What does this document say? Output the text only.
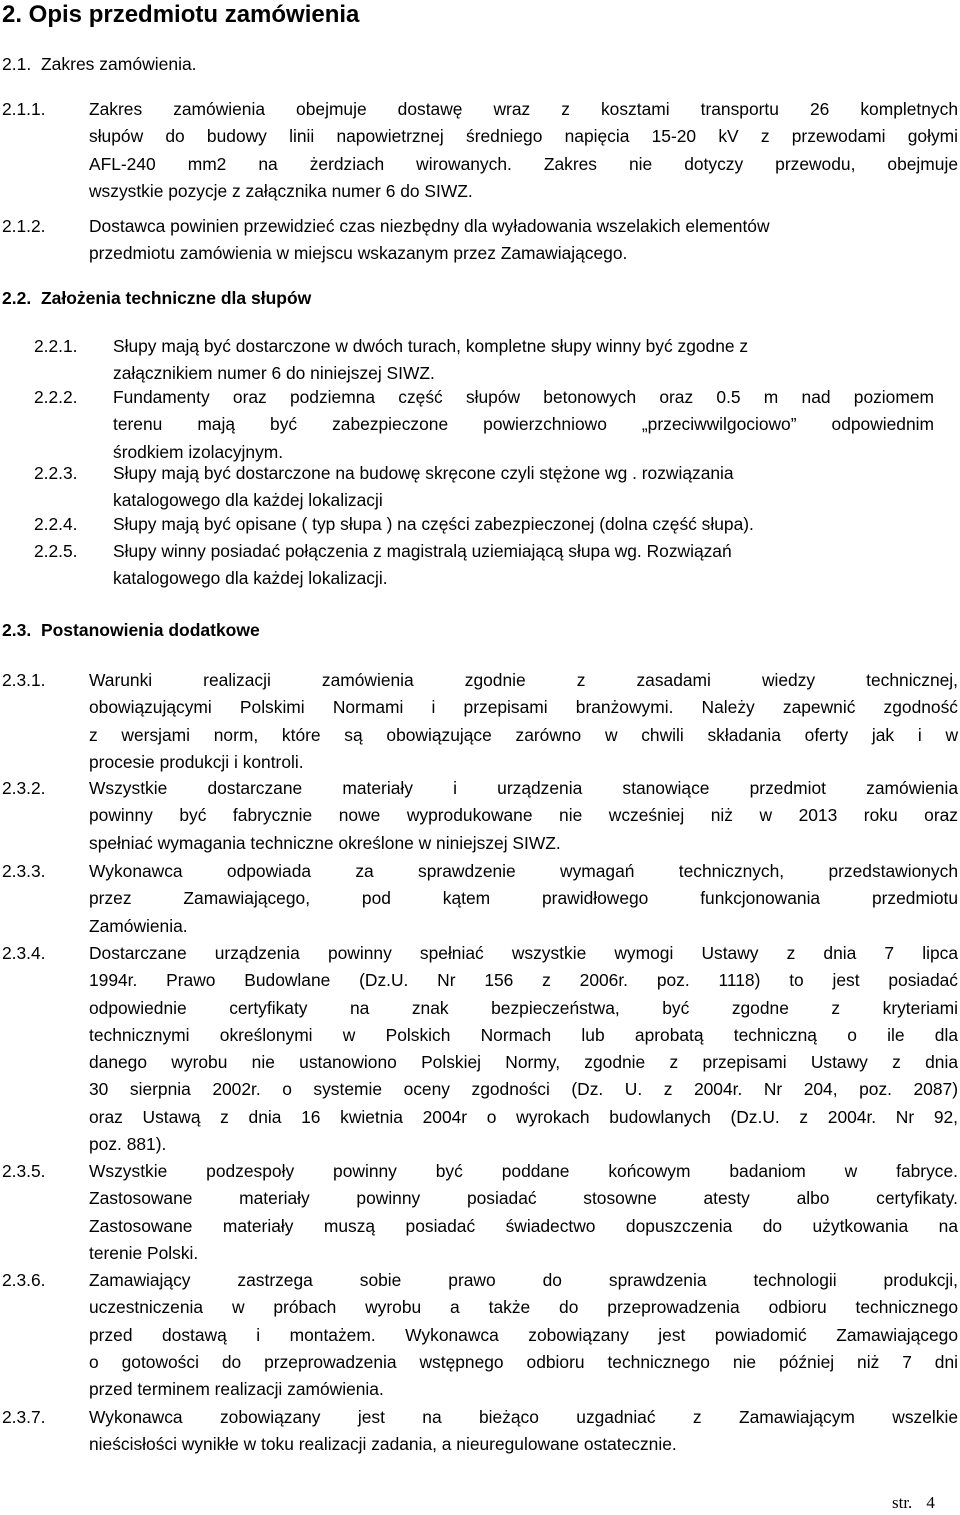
2. Opis przedmiotu zamówienia
2.1. Zakres zamówienia.
2.1.1. Zakres zamówienia obejmuje dostawę wraz z kosztami transportu 26 kompletnych
słupów do budowy linii napowietrznej średniego napięcia 15-20 kV z przewodami gołymi
AFL-240 mm2 na żerdziach wirowanych. Zakres nie dotyczy przewodu, obejmuje
wszystkie pozycje z załącznika numer 6 do SIWZ.
2.1.2. Dostawca powinien przewidzieć czas niezbędny dla wyładowania wszelakich elementów
przedmiotu zamówienia w miejscu wskazanym przez Zamawiającego.
2.2. Założenia techniczne dla słupów
2.2.1. Słupy mają być dostarczone w dwóch turach, kompletne słupy winny być zgodne z
załącznikiem numer 6 do niniejszej SIWZ.
2.2.2. Fundamenty oraz podziemna część słupów betonowych oraz 0.5 m nad poziomem
terenu mają być zabezpieczone powierzchniowo „przeciwwilgociowo” odpowiednim
środkiem izolacyjnym.
2.2.3. Słupy mają być dostarczone na budowę skręcone czyli stężone wg . rozwiązania
katalogowego dla każdej lokalizacji
2.2.4. Słupy mają być opisane ( typ słupa ) na części zabezpieczonej (dolna część słupa).
2.2.5. Słupy winny posiadać połączenia z magistralą uziemiającą słupa wg. Rozwiązań
katalogowego dla każdej lokalizacji.
2.3. Postanowienia dodatkowe
2.3.1. Warunki realizacji zamówienia zgodnie z zasadami wiedzy technicznej,
obowiązującymi Polskimi Normami i przepisami branżowymi. Należy zapewnić zgodność
z wersjami norm, które są obowiązujące zarówno w chwili składania oferty jak i w
procesie produkcji i kontroli.
2.3.2. Wszystkie dostarczane materiały i urządzenia stanowiące przedmiot zamówienia
powinny być fabrycznie nowe wyprodukowane nie wcześniej niż w 2013 roku oraz
spełniać wymagania techniczne określone w niniejszej SIWZ.
2.3.3. Wykonawca odpowiada za sprawdzenie wymagań technicznych, przedstawionych
przez Zamawiającego, pod kątem prawidłowego funkcjonowania przedmiotu
Zamówienia.
2.3.4. Dostarczane urządzenia powinny spełniać wszystkie wymogi Ustawy z dnia 7 lipca
1994r. Prawo Budowlane (Dz.U. Nr 156 z 2006r. poz. 1118) to jest posiadać
odpowiednie certyfikaty na znak bezpieczeństwa, być zgodne z kryteriami
technicznymi określonymi w Polskich Normach lub aprobatą techniczną o ile dla
danego wyrobu nie ustanowiono Polskiej Normy, zgodnie z przepisami Ustawy z dnia
30 sierpnia 2002r. o systemie oceny zgodności (Dz. U. z 2004r. Nr 204, poz. 2087)
oraz Ustawą z dnia 16 kwietnia 2004r o wyrokach budowlanych (Dz.U. z 2004r. Nr 92,
poz. 881).
2.3.5. Wszystkie podzespoły powinny być poddane końcowym badaniom w fabryce.
Zastosowane materiały powinny posiadać stosowne atesty albo certyfikaty.
Zastosowane materiały muszą posiadać świadectwo dopuszczenia do użytkowania na
terenie Polski.
2.3.6. Zamawiający zastrzega sobie prawo do sprawdzenia technologii produkcji,
uczestniczenia w próbach wyrobu a także do przeprowadzenia odbioru technicznego
przed dostawą i montażem. Wykonawca zobowiązany jest powiadomić Zamawiającego
o gotowości do przeprowadzenia wstępnego odbioru technicznego nie później niż 7 dni
przed terminem realizacji zamówienia.
2.3.7. Wykonawca zobowiązany jest na bieżąco uzgadniać z Zamawiającym wszelkie
nieścisłości wynikłe w toku realizacji zadania, a nieuregulowane ostatecznie.
str. 4
